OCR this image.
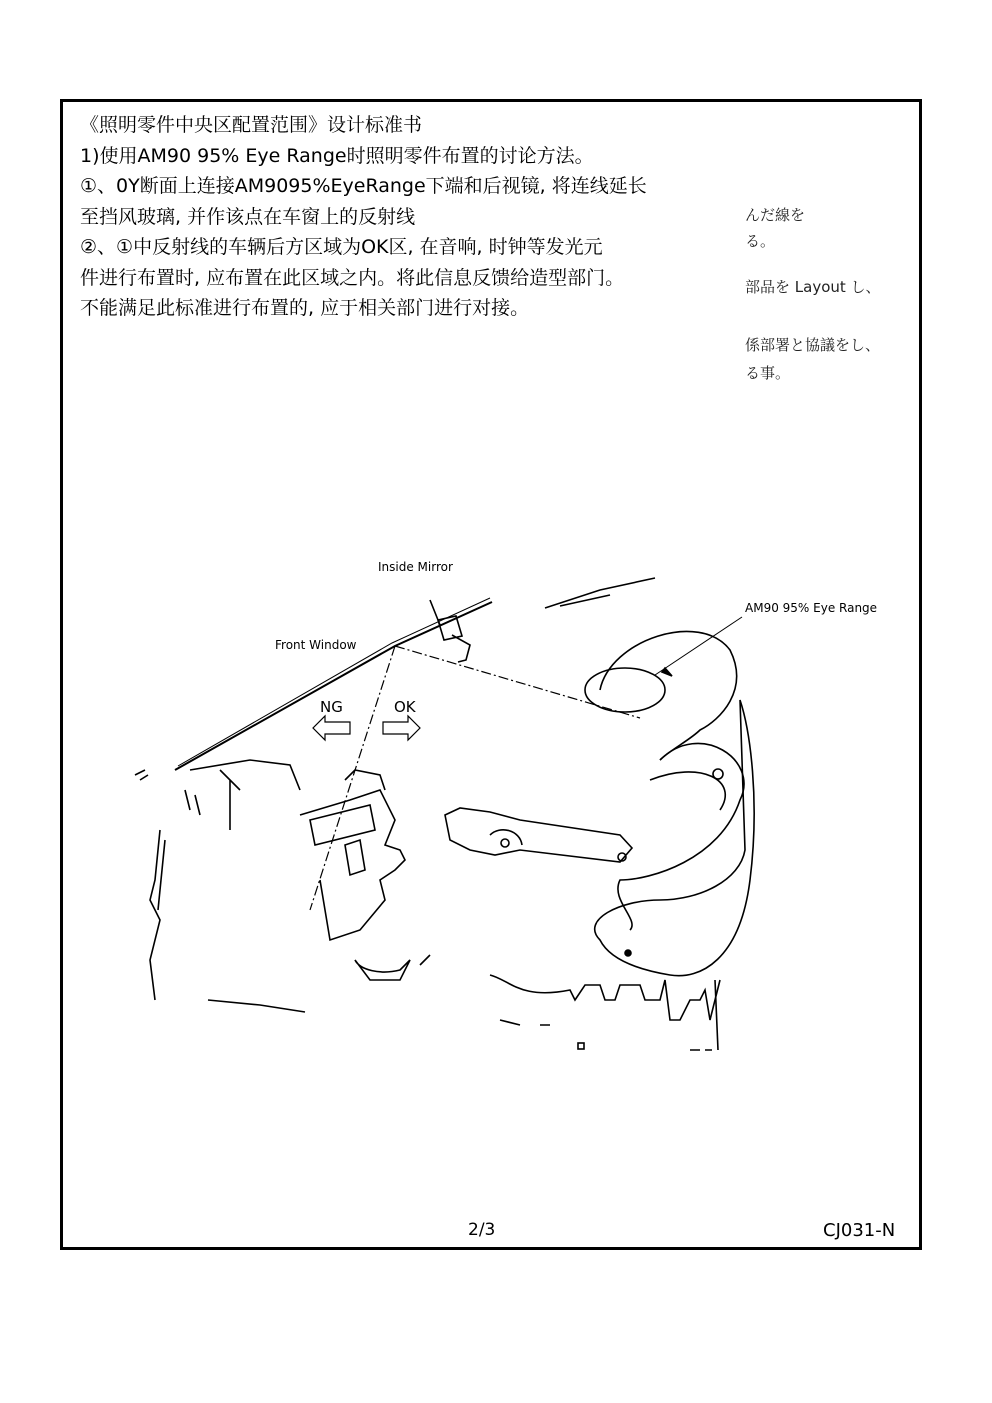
《照明零件中央区配置范围》设计标准书
1)使用AM90 95% Eye Range时照明零件布置的讨论方法。
①、0Y断面上连接AM9095%EyeRange下端和后视镜, 将连线延长
至挡风玻璃, 并作该点在车窗上的反射线
②、①中反射线的车辆后方区域为OK区, 在音响, 时钟等发光元
件进行布置时, 应布置在此区域之内。将此信息反馈给造型部门。
不能满足此标准进行布置的, 应于相关部门进行对接。
んだ線を
る。
部品を Layout し、
係部署と協議をし、
る事。
Inside Mirror
Front Window
AM90 95% Eye Range
NG	OK
2/3	CJ031-N
